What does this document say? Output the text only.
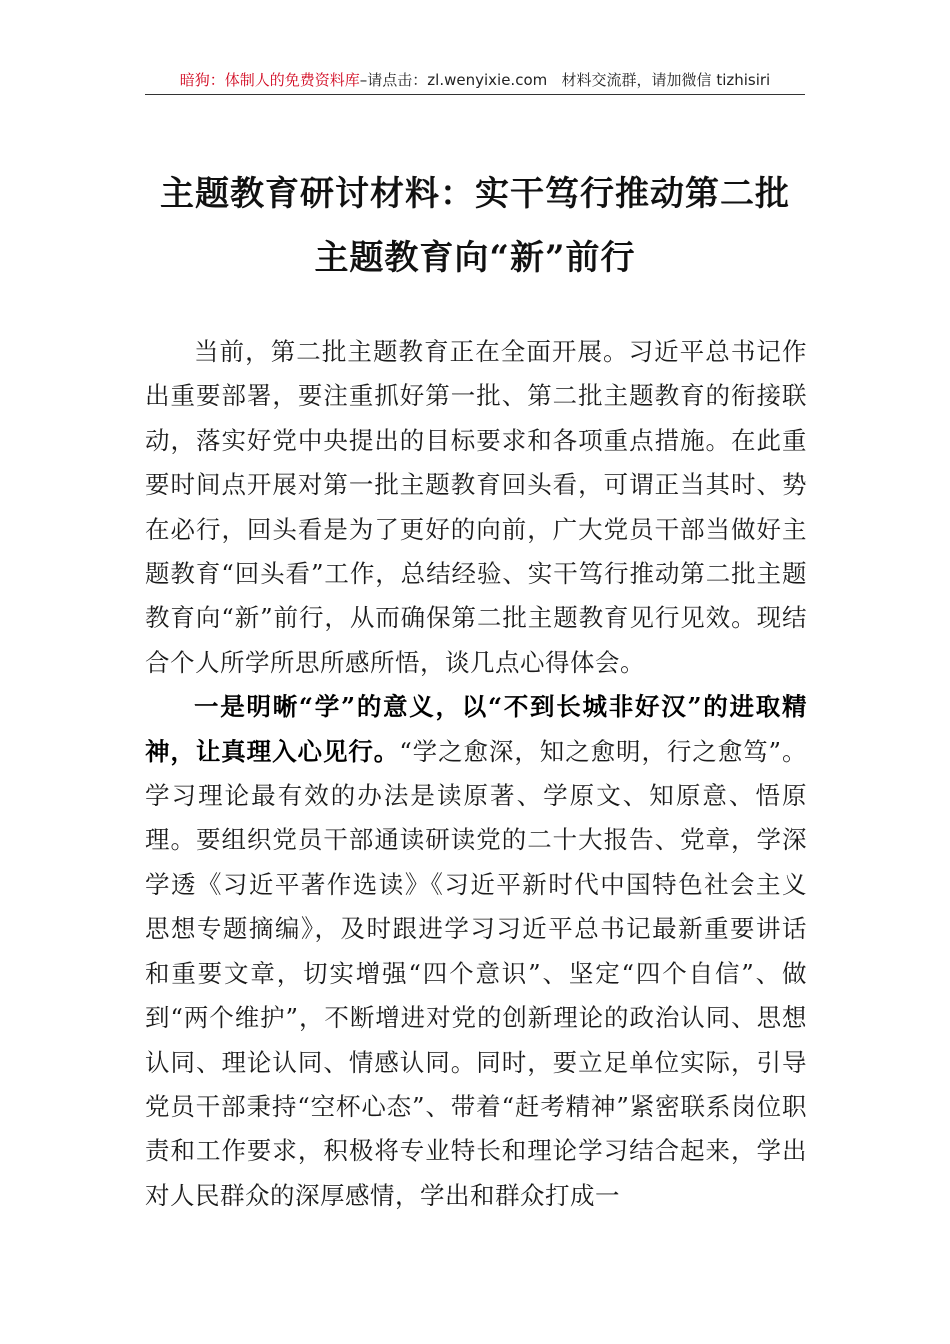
暗狗：体制人的免费资料库–请点击：zl.wenyixie.com 材料交流群，请加微信 tizhisiri
主题教育研讨材料：实干笃行推动第二批
主题教育向“新”前行

当前，第二批主题教育正在全面开展。习近平总书记作出重要部署，要注重抓好第一批、第二批主题教育的衔接联动，落实好党中央提出的目标要求和各项重点措施。在此重要时间点开展对第一批主题教育回头看，可谓正当其时、势在必行，回头看是为了更好的向前，广大党员干部当做好主题教育“回头看”工作，总结经验、实干笃行推动第二批主题教育向“新”前行，从而确保第二批主题教育见行见效。现结合个人所学所思所感所悟，谈几点心得体会。

一是明晰“学”的意义，以“不到长城非好汉”的进取精神，让真理入心见行。“学之愈深，知之愈明，行之愈笃”。学习理论最有效的办法是读原著、学原文、知原意、悟原理。要组织党员干部通读研读党的二十大报告、党章，学深学透《习近平著作选读》《习近平新时代中国特色社会主义思想专题摘编》，及时跟进学习习近平总书记最新重要讲话和重要文章，切实增强“四个意识”、坚定“四个自信”、做到“两个维护”，不断增进对党的创新理论的政治认同、思想认同、理论认同、情感认同。同时，要立足单位实际，引导党员干部秉持“空杯心态”、带着“赶考精神”紧密联系岗位职责和工作要求，积极将专业特长和理论学习结合起来，学出对人民群众的深厚感情，学出和群众打成一
